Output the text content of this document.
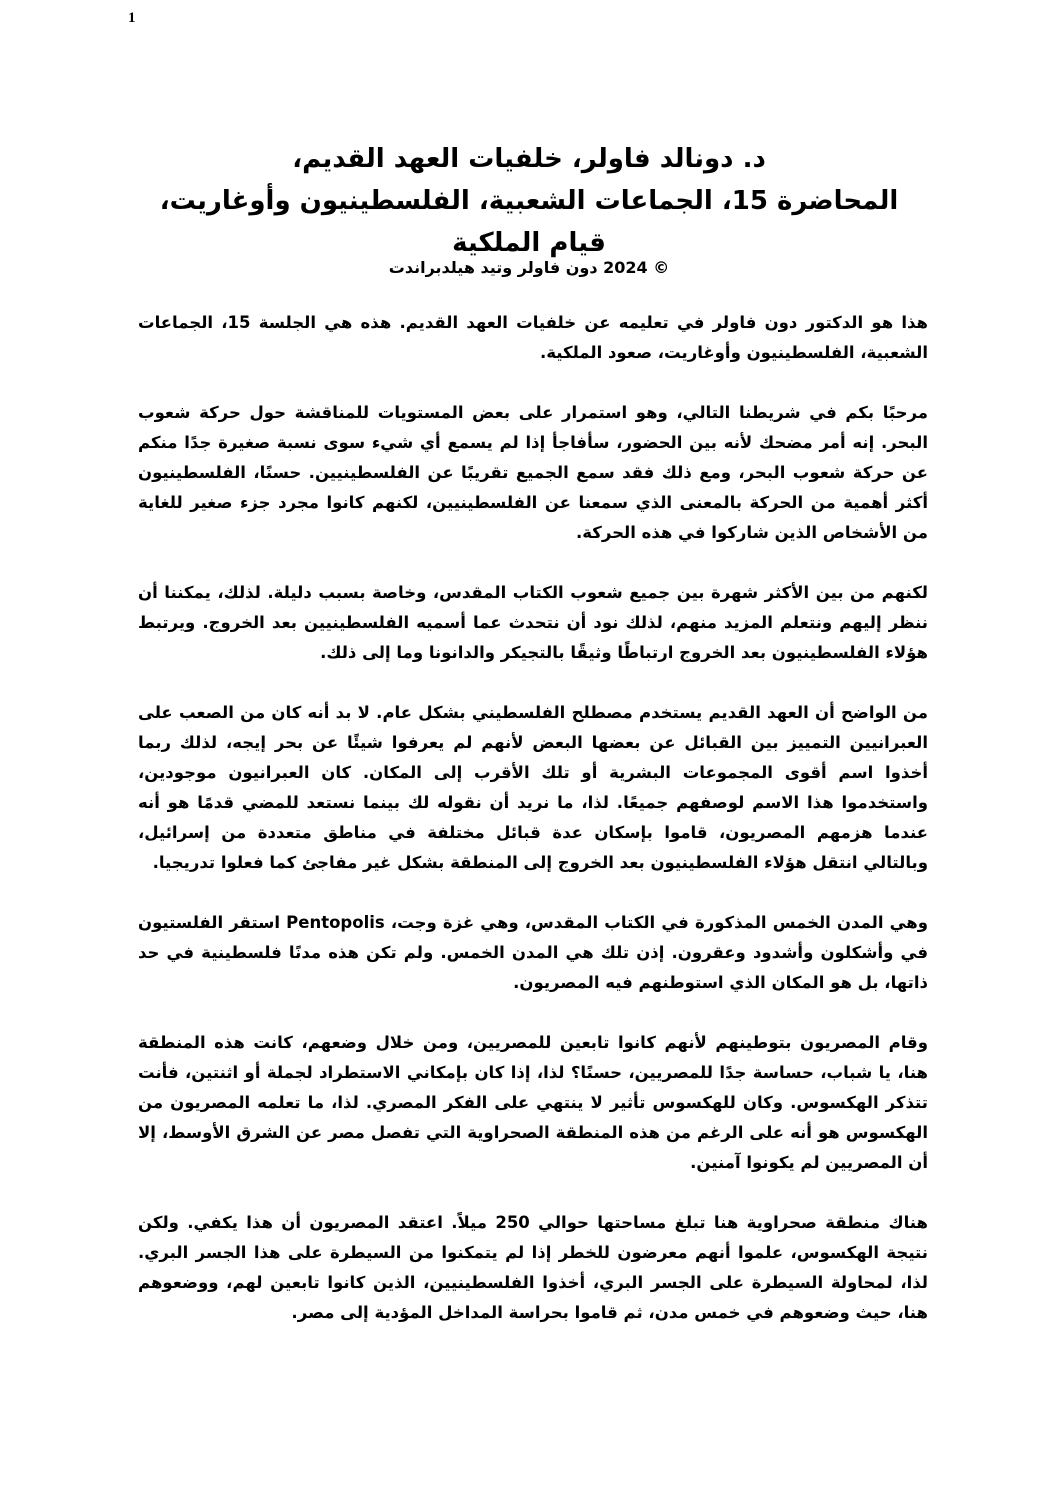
1
د. دونالد فاولر، خلفيات العهد القديم،
المحاضرة 15، الجماعات الشعبية، الفلسطينيون وأوغاريت،
قيام الملكية
© 2024 دون فاولر وتيد هيلدبراندت

هذا هو الدكتور دون فاولر في تعليمه عن خلفيات العهد القديم. هذه هي الجلسة 15، الجماعات الشعبية، الفلسطينيون وأوغاريت، صعود الملكية.

مرحبًا بكم في شريطنا التالي، وهو استمرار على بعض المستويات للمناقشة حول حركة شعوب البحر. إنه أمر مضحك لأنه بين الحضور، سأفاجأ إذا لم يسمع أي شيء سوى نسبة صغيرة جدًا منكم عن حركة شعوب البحر، ومع ذلك فقد سمع الجميع تقريبًا عن الفلسطينيين. حسنًا، الفلسطينيون أكثر أهمية من الحركة بالمعنى الذي سمعنا عن الفلسطينيين، لكنهم كانوا مجرد جزء صغير للغاية من الأشخاص الذين شاركوا في هذه الحركة.

لكنهم من بين الأكثر شهرة بين جميع شعوب الكتاب المقدس، وخاصة بسبب دليلة. لذلك، يمكننا أن ننظر إليهم ونتعلم المزيد منهم، لذلك نود أن نتحدث عما أسميه الفلسطينيين بعد الخروج. ويرتبط هؤلاء الفلسطينيون بعد الخروج ارتباطًا وثيقًا بالتجيكر والدانونا وما إلى ذلك.

من الواضح أن العهد القديم يستخدم مصطلح الفلسطيني بشكل عام. لا بد أنه كان من الصعب على العبرانيين التمييز بين القبائل عن بعضها البعض لأنهم لم يعرفوا شيئًا عن بحر إيجه، لذلك ربما أخذوا اسم أقوى المجموعات البشرية أو تلك الأقرب إلى المكان. كان العبرانيون موجودين، واستخدموا هذا الاسم لوصفهم جميعًا. لذا، ما نريد أن نقوله لك بينما نستعد للمضي قدمًا هو أنه عندما هزمهم المصريون، قاموا بإسكان عدة قبائل مختلفة في مناطق متعددة من إسرائيل، وبالتالي انتقل هؤلاء الفلسطينيون بعد الخروج إلى المنطقة بشكل غير مفاجئ كما فعلوا تدريجيا.

وهي المدن الخمس المذكورة في الكتاب المقدس، وهي غزة وجت، Pentopolis استقر الفلستيون في وأشكلون وأشدود وعقرون. إذن تلك هي المدن الخمس. ولم تكن هذه مدنًا فلسطينية في حد ذاتها، بل هو المكان الذي استوطنهم فيه المصريون.

وقام المصريون بتوطينهم لأنهم كانوا تابعين للمصريين، ومن خلال وضعهم، كانت هذه المنطقة هنا، يا شباب، حساسة جدًا للمصريين، حسنًا؟ لذا، إذا كان بإمكاني الاستطراد لجملة أو اثنتين، فأنت تتذكر الهكسوس. وكان للهكسوس تأثير لا ينتهي على الفكر المصري. لذا، ما تعلمه المصريون من الهكسوس هو أنه على الرغم من هذه المنطقة الصحراوية التي تفصل مصر عن الشرق الأوسط، إلا أن المصريين لم يكونوا آمنين.

هناك منطقة صحراوية هنا تبلغ مساحتها حوالي 250 ميلاً. اعتقد المصريون أن هذا يكفي. ولكن نتيجة الهكسوس، علموا أنهم معرضون للخطر إذا لم يتمكنوا من السيطرة على هذا الجسر البري. لذا، لمحاولة السيطرة على الجسر البري، أخذوا الفلسطينيين، الذين كانوا تابعين لهم، ووضعوهم هنا، حيث وضعوهم في خمس مدن، ثم قاموا بحراسة المداخل المؤدية إلى مصر.
